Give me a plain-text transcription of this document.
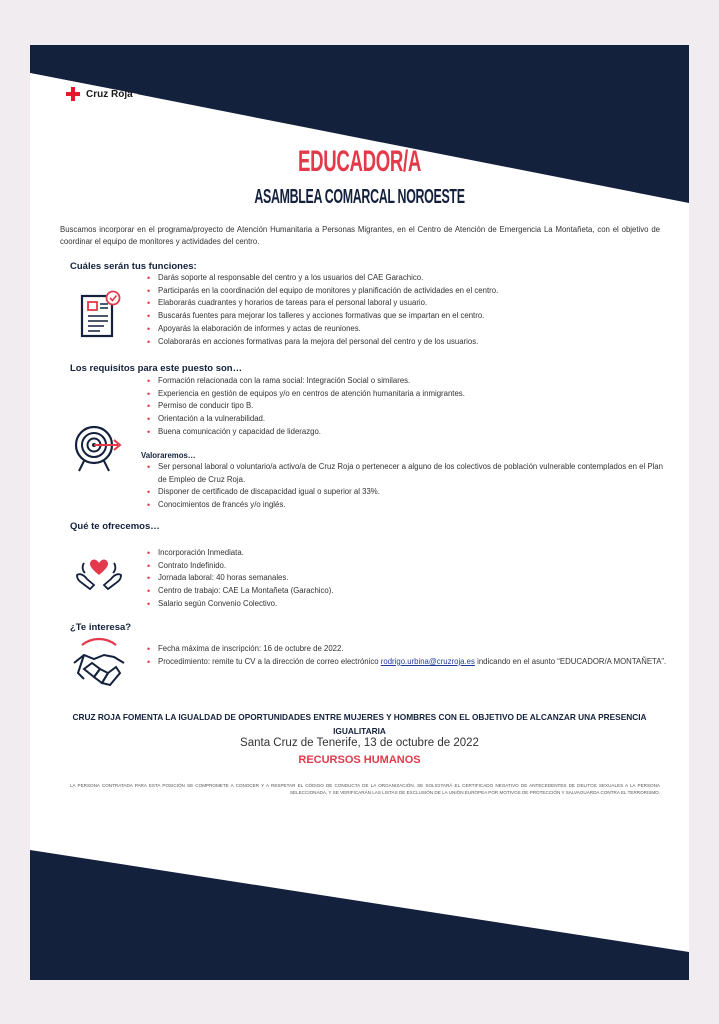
Cruz Roja
EDUCADOR/A
ASAMBLEA COMARCAL NOROESTE

Buscamos incorporar en el programa/proyecto de Atención Humanitaria a Personas Migrantes, en el Centro de Atención de Emergencia La Montañeta, con el objetivo de coordinar el equipo de monitores y actividades del centro.

Cuáles serán tus funciones:
• Darás soporte al responsable del centro y a los usuarios del CAE Garachico.
• Participarás en la coordinación del equipo de monitores y planificación de actividades en el centro.
• Elaborarás cuadrantes y horarios de tareas para el personal laboral y usuario.
• Buscarás fuentes para mejorar los talleres y acciones formativas que se impartan en el centro.
• Apoyarás la elaboración de informes y actas de reuniones.
• Colaborarás en acciones formativas para la mejora del personal del centro y de los usuarios.
Los requisitos para este puesto son…
• Formación relacionada con la rama social: Integración Social o similares.
• Experiencia en gestión de equipos y/o en centros de atención humanitaria a inmigrantes.
• Permiso de conducir tipo B.
• Orientación a la vulnerabilidad.
• Buena comunicación y capacidad de liderazgo.
Valoraremos…
• Ser personal laboral o voluntario/a activo/a de Cruz Roja o pertenecer a alguno de los colectivos de población vulnerable contemplados en el Plan de Empleo de Cruz Roja.
• Disponer de certificado de discapacidad igual o superior al 33%.
• Conocimientos de francés y/o inglés.
Qué te ofrecemos…
• Incorporación Inmediata.
• Contrato Indefinido.
• Jornada laboral: 40 horas semanales.
• Centro de trabajo: CAE La Montañeta (Garachico).
• Salario según Convenio Colectivo.
¿Te interesa?
• Fecha máxima de inscripción: 16 de octubre de 2022.
• Procedimiento: remite tu CV a la dirección de correo electrónico rodrigo.urbina@cruzroja.es indicando en el asunto “EDUCADOR/A MONTAÑETA”.
CRUZ ROJA FOMENTA LA IGUALDAD DE OPORTUNIDADES ENTRE MUJERES Y HOMBRES CON EL OBJETIVO DE ALCANZAR UNA PRESENCIA IGUALITARIA
Santa Cruz de Tenerife, 13 de octubre de 2022
RECURSOS HUMANOS

LA PERSONA CONTRATADA PARA ESTA POSICIÓN SE COMPROMETE A CONOCER Y A RESPETAR EL CÓDIGO DE CONDUCTA DE LA ORGANIZACIÓN. SE SOLICITARÁ EL CERTIFICADO NEGATIVO DE ANTECEDENTES DE DELITOS SEXUALES A LA PERSONA SELECCIONADA, Y SE VERIFICARÁN LAS LISTAS DE EXCLUSIÓN DE LA UNIÓN EUROPEA POR MOTIVOS DE PROTECCIÓN Y SALVAGUARDA CONTRA EL TERRORISMO.
